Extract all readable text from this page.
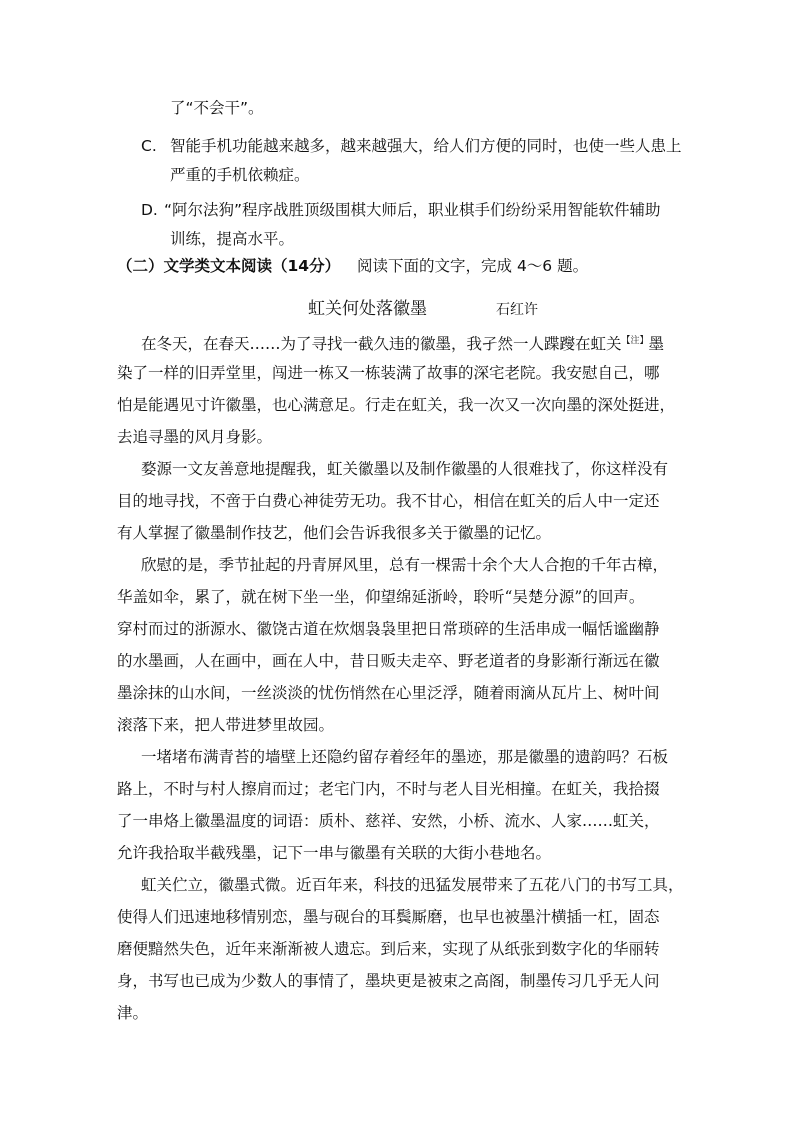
了“不会干”。
C. 智能手机功能越来越多，越来越强大，给人们方便的同时，也使一些人患上
严重的手机依赖症。
D. “阿尔法狗”程序战胜顶级围棋大师后，职业棋手们纷纷采用智能软件辅助
训练，提高水平。
（二）文学类文本阅读（14分） 阅读下面的文字，完成 4～6 题。
虹关何处落徽墨	石红许
在冬天，在春天……为了寻找一截久违的徽墨，我孑然一人蹀躞在虹关$^{【注】}$墨
染了一样的旧弄堂里，闯进一栋又一栋装满了故事的深宅老院。我安慰自己，哪
怕是能遇见寸许徽墨，也心满意足。行走在虹关，我一次又一次向墨的深处挺进，
去追寻墨的风月身影。
婺源一文友善意地提醒我，虹关徽墨以及制作徽墨的人很难找了，你这样没有
目的地寻找，不啻于白费心神徒劳无功。我不甘心，相信在虹关的后人中一定还
有人掌握了徽墨制作技艺，他们会告诉我很多关于徽墨的记忆。
欣慰的是，季节扯起的丹青屏风里，总有一棵需十余个大人合抱的千年古樟，
华盖如伞，累了，就在树下坐一坐，仰望绵延浙岭，聆听“吴楚分源”的回声。
穿村而过的浙源水、徽饶古道在炊烟袅袅里把日常琐碎的生活串成一幅恬谧幽静
的水墨画，人在画中，画在人中，昔日贩夫走卒、野老道者的身影渐行渐远在徽
墨涂抹的山水间，一丝淡淡的忧伤悄然在心里泛浮，随着雨滴从瓦片上、树叶间
滚落下来，把人带进梦里故园。
一堵堵布满青苔的墙壁上还隐约留存着经年的墨迹，那是徽墨的遗韵吗？石板
路上，不时与村人擦肩而过；老宅门内，不时与老人目光相撞。在虹关，我拾掇
了一串烙上徽墨温度的词语：质朴、慈祥、安然，小桥、流水、人家……虹关，
允许我拾取半截残墨，记下一串与徽墨有关联的大街小巷地名。
虹关伫立，徽墨式微。近百年来，科技的迅猛发展带来了五花八门的书写工具，
使得人们迅速地移情别恋，墨与砚台的耳鬓厮磨，也早也被墨汁横插一杠，固态
磨便黯然失色，近年来渐渐被人遗忘。到后来，实现了从纸张到数字化的华丽转
身，书写也已成为少数人的事情了，墨块更是被束之高阁，制墨传习几乎无人问
津。
